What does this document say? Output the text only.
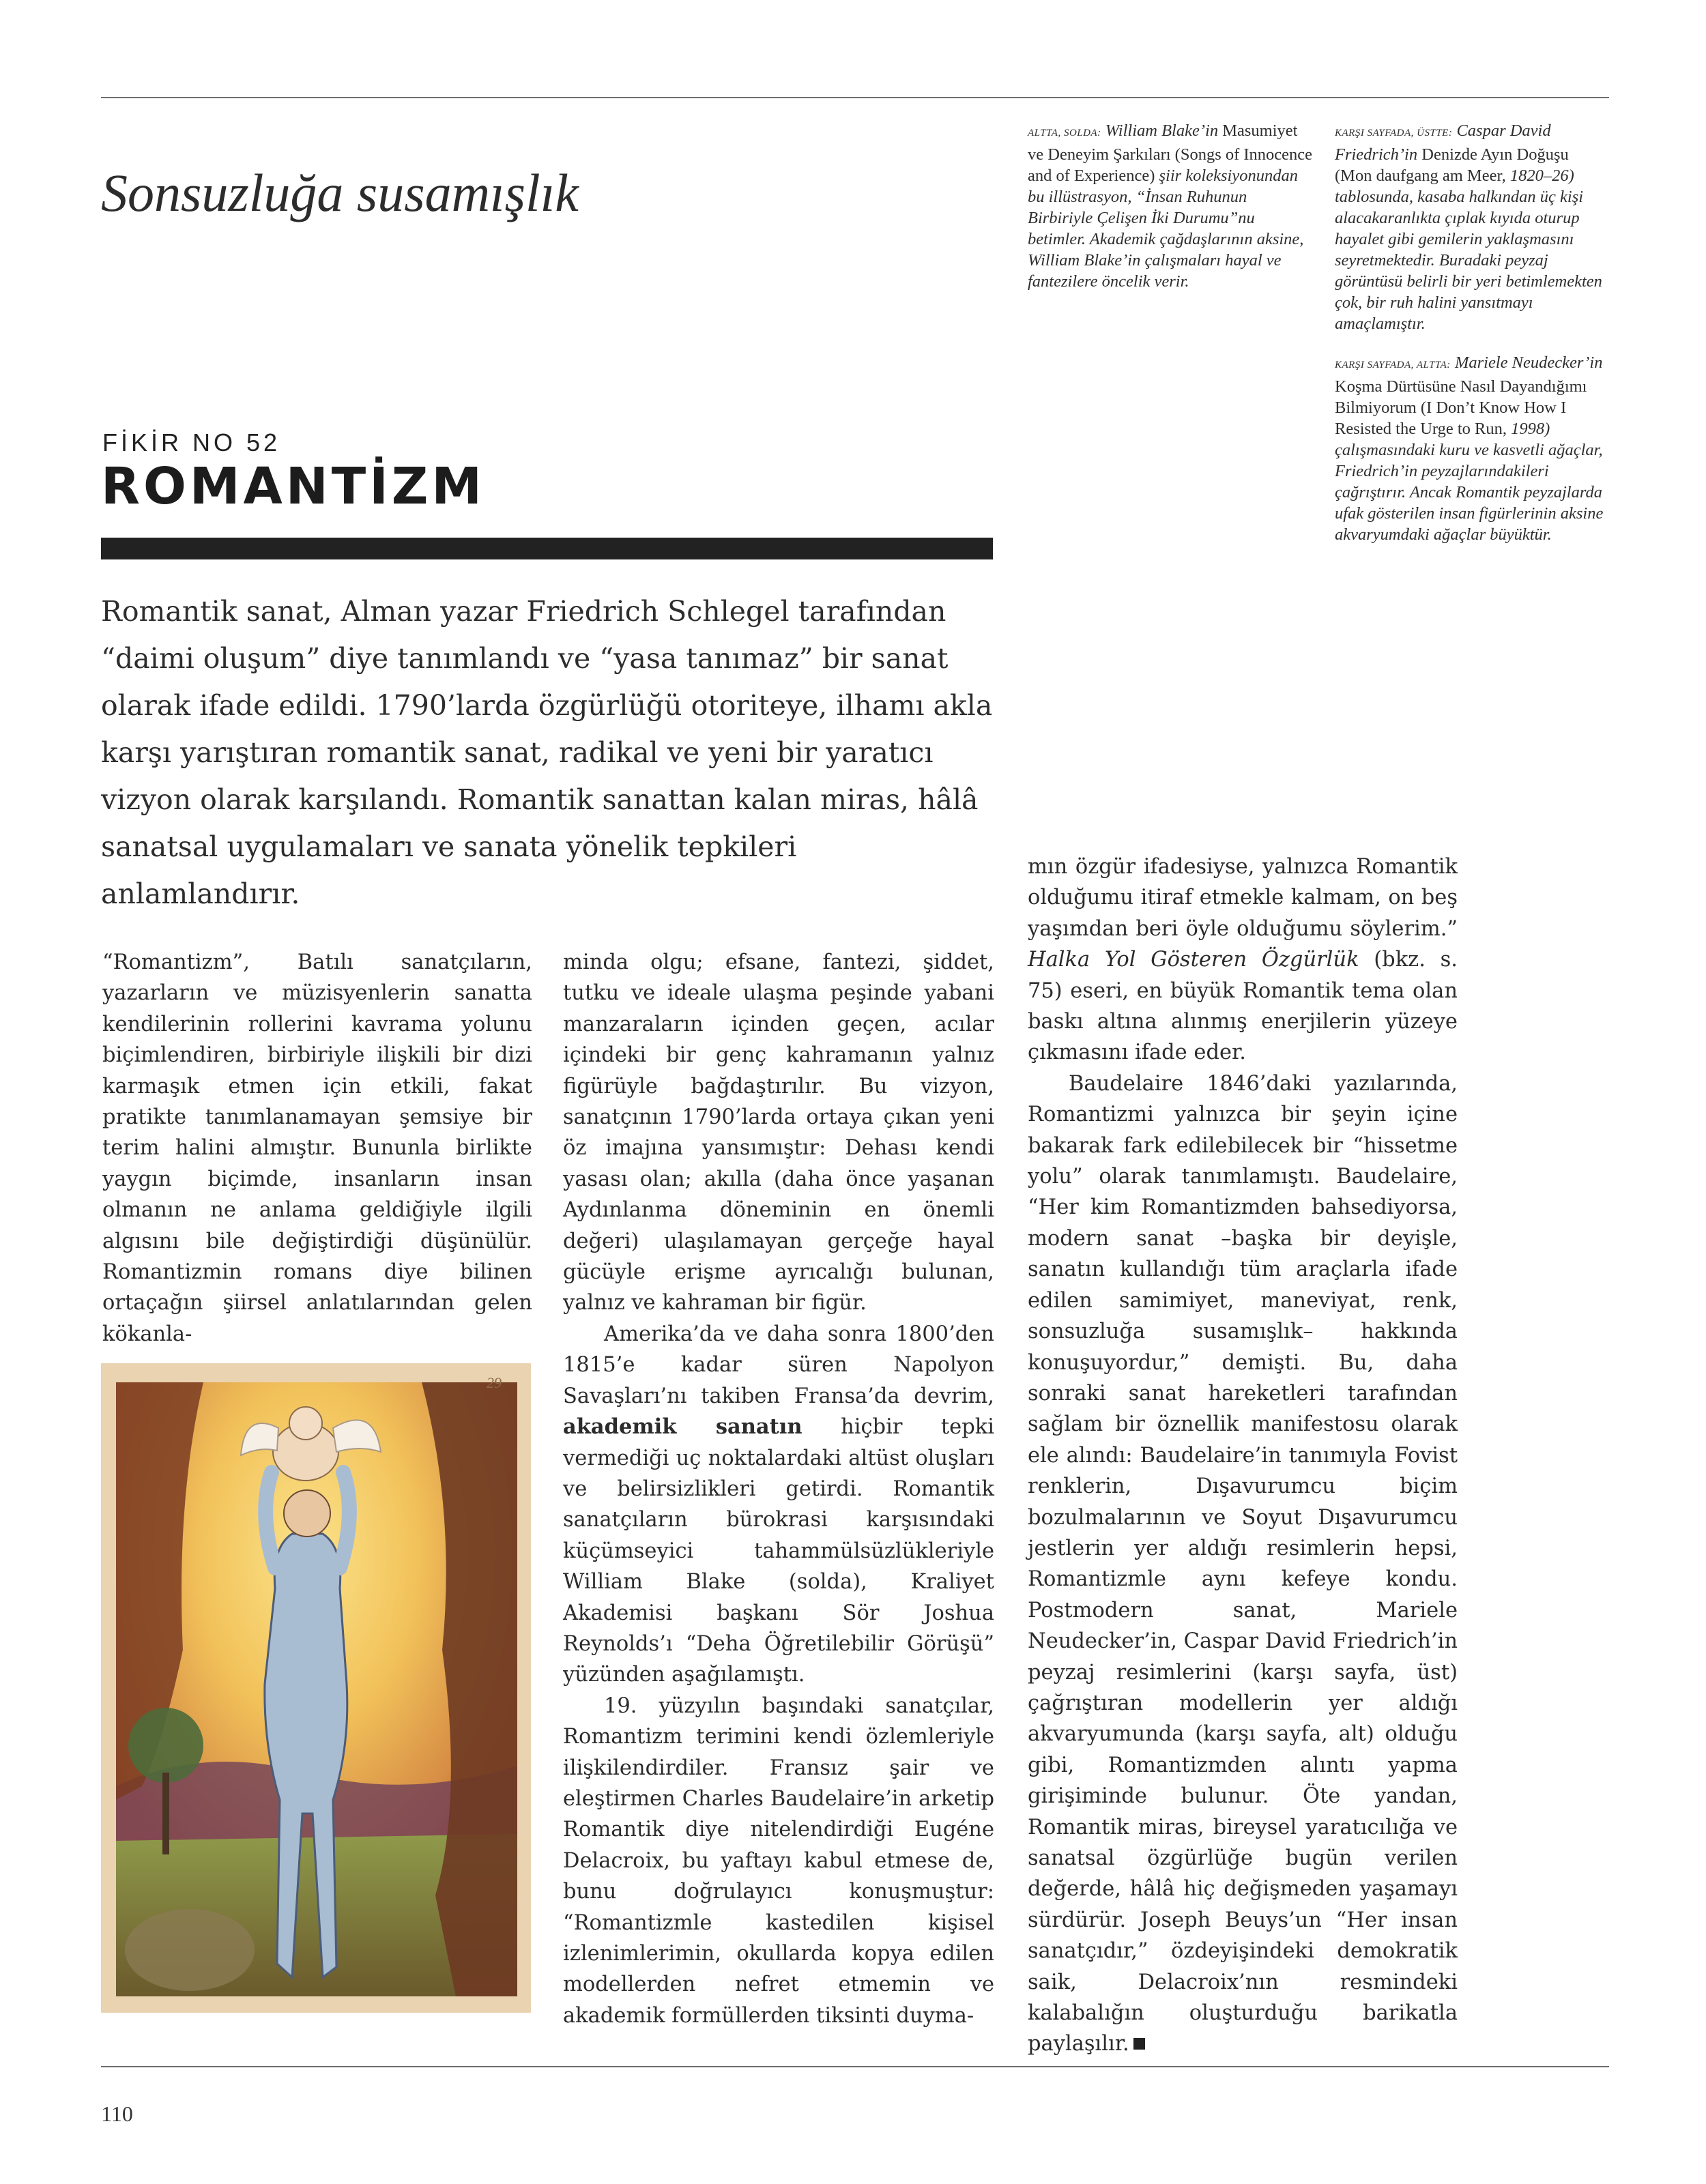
Sonsuzluğa susamışlık
ALTTA, SOLDA: William Blake’in Masumiyet ve Deneyim Şarkıları (Songs of Innocence and of Experience) şiir koleksiyonundan bu illüstrasyon, “İnsan Ruhunun Birbiriyle Çelişen İki Durumu”nu betimler. Akademik çağdaşlarının aksine, William Blake’in çalışmaları hayal ve fantezilere öncelik verir.
KARŞI SAYFADA, ÜSTTE: Caspar David Friedrich’in Denizde Ayın Doğuşu (Mon daufgang am Meer, 1820–26) tablosunda, kasaba halkından üç kişi alacakaranlıkta çıplak kıyıda oturup hayalet gibi gemilerin yaklaşmasını seyretmektedir. Buradaki peyzaj görüntüsü belirli bir yeri betimlemekten çok, bir ruh halini yansıtmayı amaçlamıştır.
KARŞI SAYFADA, ALTTA: Mariele Neudecker’in Koşma Dürtüsüne Nasıl Dayandığımı Bilmiyorum (I Don’t Know How I Resisted the Urge to Run, 1998) çalışmasındaki kuru ve kasvetli ağaçlar, Friedrich’in peyzajlarındakileri çağrıştırır. Ancak Romantik peyzajlarda ufak gösterilen insan figürlerinin aksine akvaryumdaki ağaçlar büyüktür.
FİKİR NO 52
ROMANTİZM
Romantik sanat, Alman yazar Friedrich Schlegel tarafından “daimi oluşum” diye tanımlandı ve “yasa tanımaz” bir sanat olarak ifade edildi. 1790’larda özgürlüğü otoriteye, ilhamı akla karşı yarıştıran romantik sanat, radikal ve yeni bir yaratıcı vizyon olarak karşılandı. Romantik sanattan kalan miras, hâlâ sanatsal uygulamaları ve sanata yönelik tepkileri anlamlandırır.

“Romantizm”, Batılı sanatçıların, yazarların ve müzisyenlerin sanatta kendilerinin rollerini kavrama yolunu biçimlendiren, birbiriyle ilişkili bir dizi karmaşık etmen için etkili, fakat pratikte tanımlanamayan şemsiye bir terim halini almıştır. Bununla birlikte yaygın biçimde, insanların insan olmanın ne anlama geldiğiyle ilgili algısını bile değiştirdiği düşünülür. Romantizmin romans diye bilinen ortaçağın şiirsel anlatılarından gelen kökanla-

minda olgu; efsane, fantezi, şiddet, tutku ve ideale ulaşma peşinde yabani manzaraların içinden geçen, acılar içindeki bir genç kahramanın yalnız figürüyle bağdaştırılır. Bu vizyon, sanatçının 1790’larda ortaya çıkan yeni öz imajına yansımıştır: Dehası kendi yasası olan; akılla (daha önce yaşanan Aydınlanma döneminin en önemli değeri) ulaşılamayan gerçeğe hayal gücüyle erişme ayrıcalığı bulunan, yalnız ve kahraman bir figür.

Amerika’da ve daha sonra 1800’den 1815’e kadar süren Napolyon Savaşları’nı takiben Fransa’da devrim, akademik sanatın hiçbir tepki vermediği uç noktalardaki altüst oluşları ve belirsizlikleri getirdi. Romantik sanatçıların bürokrasi karşısındaki küçümseyici tahammülsüzlükleriyle William Blake (solda), Kraliyet Akademisi başkanı Sör Joshua Reynolds’ı “Deha Öğretilebilir Görüşü” yüzünden aşağılamıştı.

19. yüzyılın başındaki sanatçılar, Romantizm terimini kendi özlemleriyle ilişkilendirdiler. Fransız şair ve eleştirmen Charles Baudelaire’in arketip Romantik diye nitelendirdiği Eugéne Delacroix, bu yaftayı kabul etmese de, bunu doğrulayıcı konuşmuştur: “Romantizmle kastedilen kişisel izlenimlerimin, okullarda kopya edilen modellerden nefret etmemin ve akademik formüllerden tiksinti duyma-

mın özgür ifadesiyse, yalnızca Romantik olduğumu itiraf etmekle kalmam, on beş yaşımdan beri öyle olduğumu söylerim.” Halka Yol Gösteren Özgürlük (bkz. s. 75) eseri, en büyük Romantik tema olan baskı altına alınmış enerjilerin yüzeye çıkmasını ifade eder.

Baudelaire 1846’daki yazılarında, Romantizmi yalnızca bir şeyin içine bakarak fark edilebilecek bir “hissetme yolu” olarak tanımlamıştı. Baudelaire, “Her kim Romantizmden bahsediyorsa, modern sanat –başka bir deyişle, sanatın kullandığı tüm araçlarla ifade edilen samimiyet, maneviyat, renk, sonsuzluğa susamışlık– hakkında konuşuyordur,” demişti. Bu, daha sonraki sanat hareketleri tarafından sağlam bir öznellik manifestosu olarak ele alındı: Baudelaire’in tanımıyla Fovist renklerin, Dışavurumcu biçim bozulmalarının ve Soyut Dışavurumcu jestlerin yer aldığı resimlerin hepsi, Romantizmle aynı kefeye kondu. Postmodern sanat, Mariele Neudecker’in, Caspar David Friedrich’in peyzaj resimlerini (karşı sayfa, üst) çağrıştıran modellerin yer aldığı akvaryumunda (karşı sayfa, alt) olduğu gibi, Romantizmden alıntı yapma girişiminde bulunur. Öte yandan, Romantik miras, bireysel yaratıcılığa ve sanatsal özgürlüğe bugün verilen değerde, hâlâ hiç değişmeden yaşamayı sürdürür. Joseph Beuys’un “Her insan sanatçıdır,” özdeyişindeki demokratik saik, Delacroix’nın resmindeki kalabalığın oluşturduğu barikatla paylaşılır.

29
110
